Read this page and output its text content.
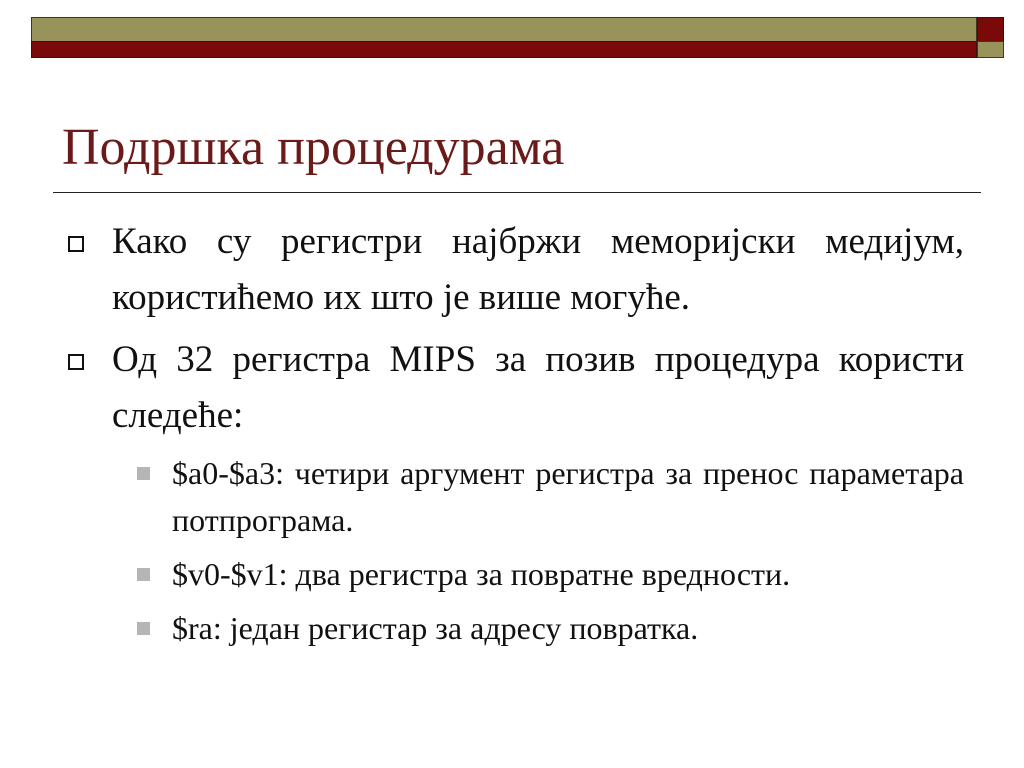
Подршка процедурама
Како су регистри најбржи меморијски медијум, користићемо их што је више могуће.
Од 32 регистра MIPS за позив процедура користи следеће:
$a0-$a3: четири аргумент регистра за пренос параметара потпрограма.
$v0-$v1: два регистра за повратне вредности.
$ra: један регистар за адресу повратка.
